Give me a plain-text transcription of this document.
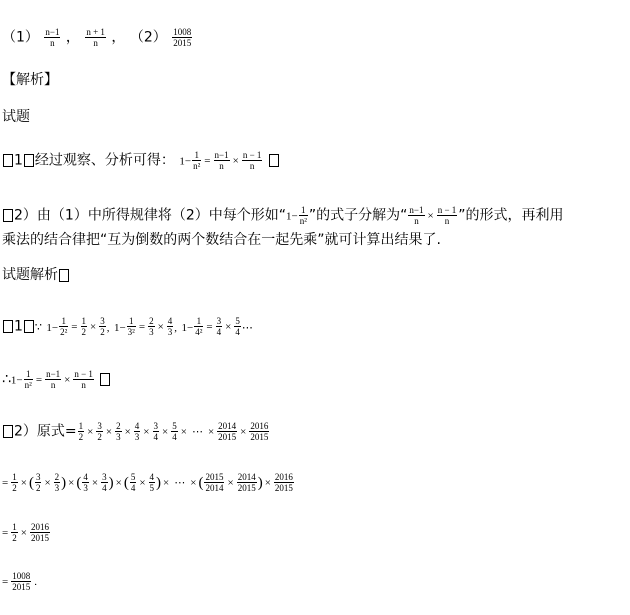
$(1) \frac{n-1}{n}$ ， $\frac{n + 1}{n}$ ， $(2) \frac{1008}{2015}$
【解析】
试题
1 经过观察、分析可得： $1- \frac{1}{\text{n²}} = \frac{n-1}{n} \times \frac{n - 1}{n}$

2）由（1）中所得规律将（2）中每个形如“$1- \frac{1}{\text{n²}}$ ”的式子分解为“ $\frac{n-1}{n} \times \frac{n - 1}{n}$ ”的形式，再利用
乘法的结合律把“互为倒数的两个数结合在一起先乘”就可计算出结果了.
试题解析
1 ∵ $1- \frac{1}{\text{2²}} = \frac{1}{2} \times \frac{3}{2}$ , $1- \frac{1}{\text{3²}} = \frac{2}{3} \times \frac{4}{3}$ , $1- \frac{1}{\text{4²}} = \frac{3}{4} \times \frac{5}{4}$ ⋯
∴1− $\frac{1}{\text{n²}} = \frac{n-1}{n} \times \frac{n - 1}{n}$

2）原式= $\frac{1}{2} \times \frac{3}{2} \times \frac{2}{3} \times \frac{4}{3} \times \frac{3}{4} \times \frac{5}{4}$ × ⋯ × $\frac{2014}{2015} \times \frac{2016}{2015}$
= $\frac{1}{2}$ × ( $\frac{3}{2} \times \frac{2}{3}$ ) × ( $\frac{4}{3} \times \frac{3}{4}$ ) × ( $\frac{5}{4} \times \frac{4}{5}$ ) × ⋯ × ( $\frac{2015}{2014} \times \frac{2014}{2015}$ ) × $\frac{2016}{2015}$
= $\frac{1}{2} \times \frac{2016}{2015}$
= $\frac{1008}{2015}$ .
